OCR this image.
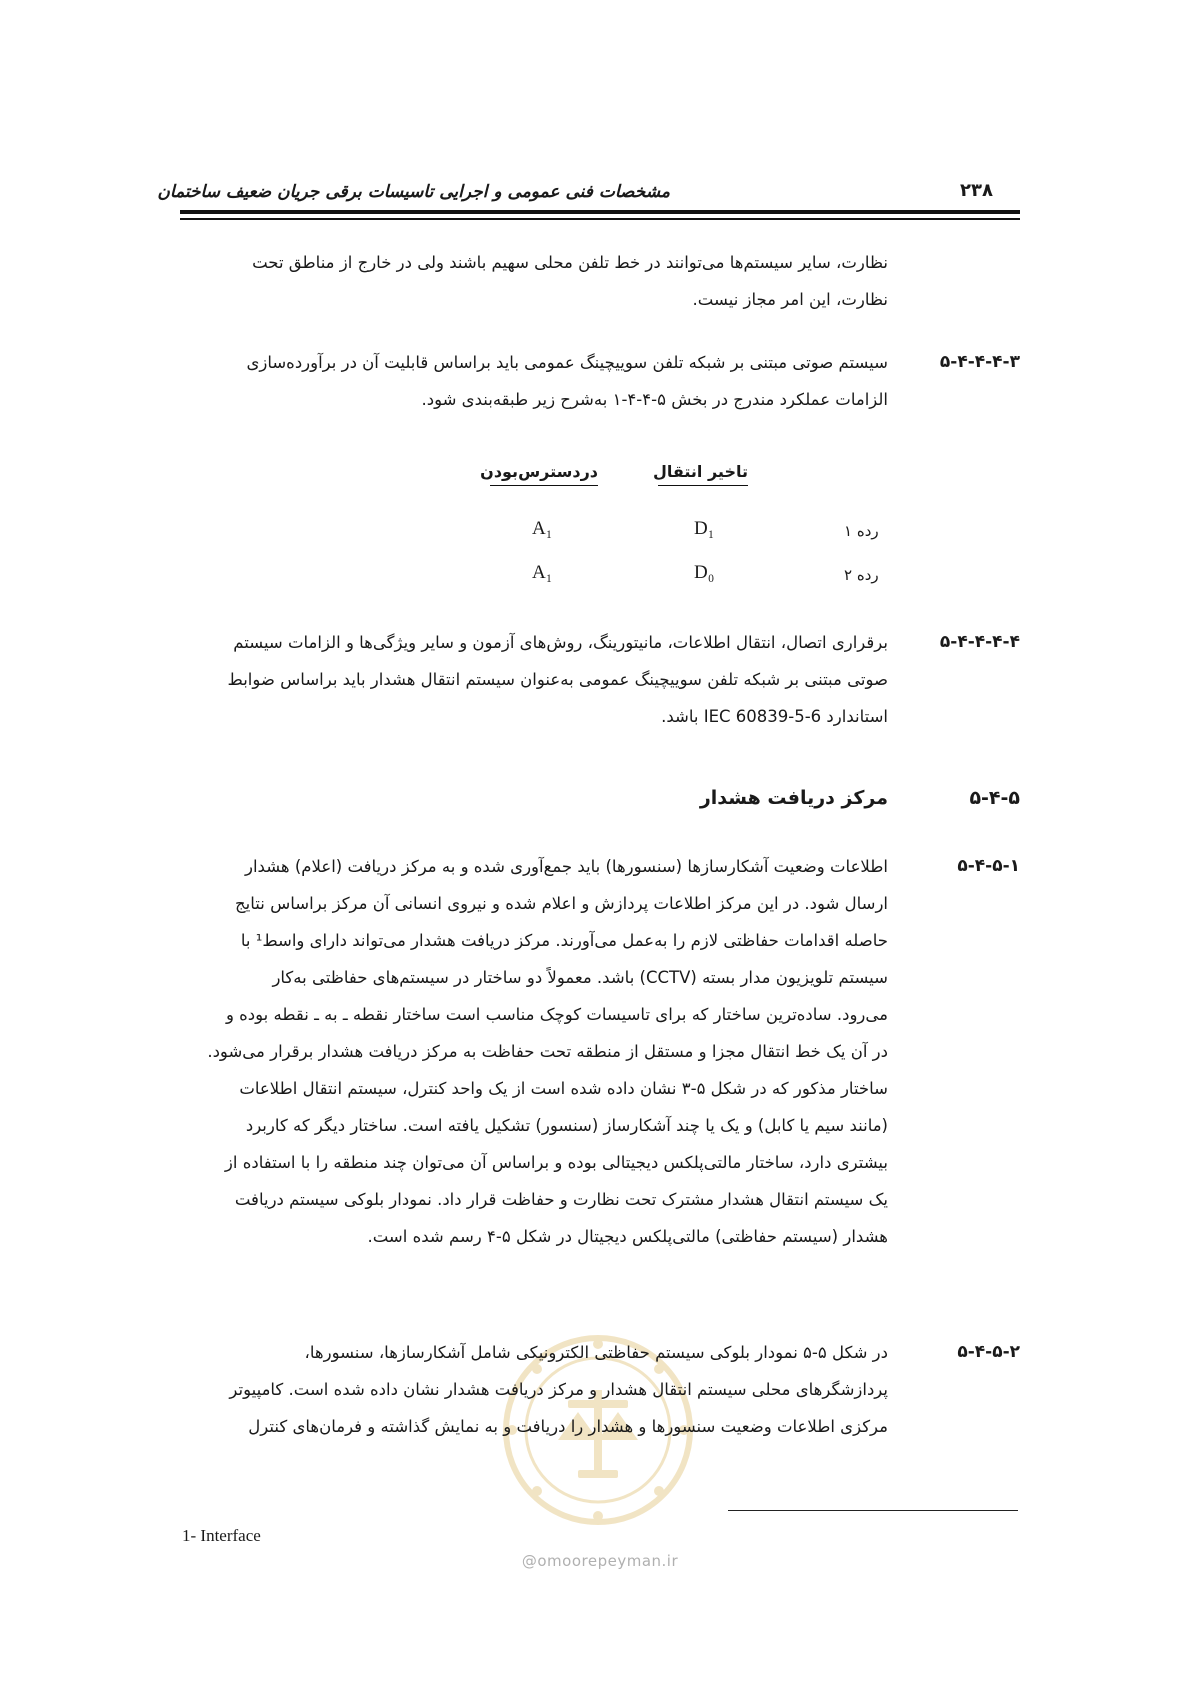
۲۳۸
مشخصات فنی عمومی و اجرایی تاسیسات برقی جریان ضعیف ساختمان
نظارت، سایر سیستم‌ها می‌توانند در خط تلفن محلی سهیم باشند ولی در خارج از مناطق تحت
نظارت، این امر مجاز نیست.
۵-۴-۴-۴-۳
سیستم صوتی مبتنی بر شبکه تلفن سوییچینگ عمومی باید براساس قابلیت آن در برآورده‌سازی
الزامات عملکرد مندرج در بخش ۵-۴-۴-۱ به‌شرح زیر طبقه‌بندی شود.
تاخیر انتقال
دردسترس‌بودن
رده ۱
D₁
A₁
رده ۲
D₀
A₁
۵-۴-۴-۴-۴
برقراری اتصال، انتقال اطلاعات، مانیتورینگ، روش‌های آزمون و سایر ویژگی‌ها و الزامات سیستم
صوتی مبتنی بر شبکه تلفن سوییچینگ عمومی به‌عنوان سیستم انتقال هشدار باید براساس ضوابط
استاندارد IEC 60839-5-6 باشد.
۵-۴-۵
مرکز دریافت هشدار
۵-۴-۵-۱
اطلاعات وضعیت آشکارسازها (سنسورها) باید جمع‌آوری شده و به مرکز دریافت (اعلام) هشدار
ارسال شود. در این مرکز اطلاعات پردازش و اعلام شده و نیروی انسانی آن مرکز براساس نتایج
حاصله اقدامات حفاظتی لازم را به‌عمل می‌آورند. مرکز دریافت هشدار می‌تواند دارای واسط¹ با
سیستم تلویزیون مدار بسته (CCTV) باشد. معمولاً دو ساختار در سیستم‌های حفاظتی به‌کار
می‌رود. ساده‌ترین ساختار که برای تاسیسات کوچک مناسب است ساختار نقطه ـ به ـ نقطه بوده و
در آن یک خط انتقال مجزا و مستقل از منطقه تحت حفاظت به مرکز دریافت هشدار برقرار می‌شود.
ساختار مذکور که در شکل ۵-۳ نشان داده شده است از یک واحد کنترل، سیستم انتقال اطلاعات
(مانند سیم یا کابل) و یک یا چند آشکارساز (سنسور) تشکیل یافته است. ساختار دیگر که کاربرد
بیشتری دارد، ساختار مالتی‌پلکس دیجیتالی بوده و براساس آن می‌توان چند منطقه را با استفاده از
یک سیستم انتقال هشدار مشترک تحت نظارت و حفاظت قرار داد. نمودار بلوکی سیستم دریافت
هشدار (سیستم حفاظتی) مالتی‌پلکس دیجیتال در شکل ۵-۴ رسم شده است.
۵-۴-۵-۲
در شکل ۵-۵ نمودار بلوکی سیستم حفاظتی الکترونیکی شامل آشکارسازها، سنسورها،
پردازشگرهای محلی سیستم انتقال هشدار و مرکز دریافت هشدار نشان داده شده است. کامپیوتر
مرکزی اطلاعات وضعیت سنسورها و هشدار را دریافت و به نمایش گذاشته و فرمان‌های کنترل
1- Interface
@omoorepeyman.ir
